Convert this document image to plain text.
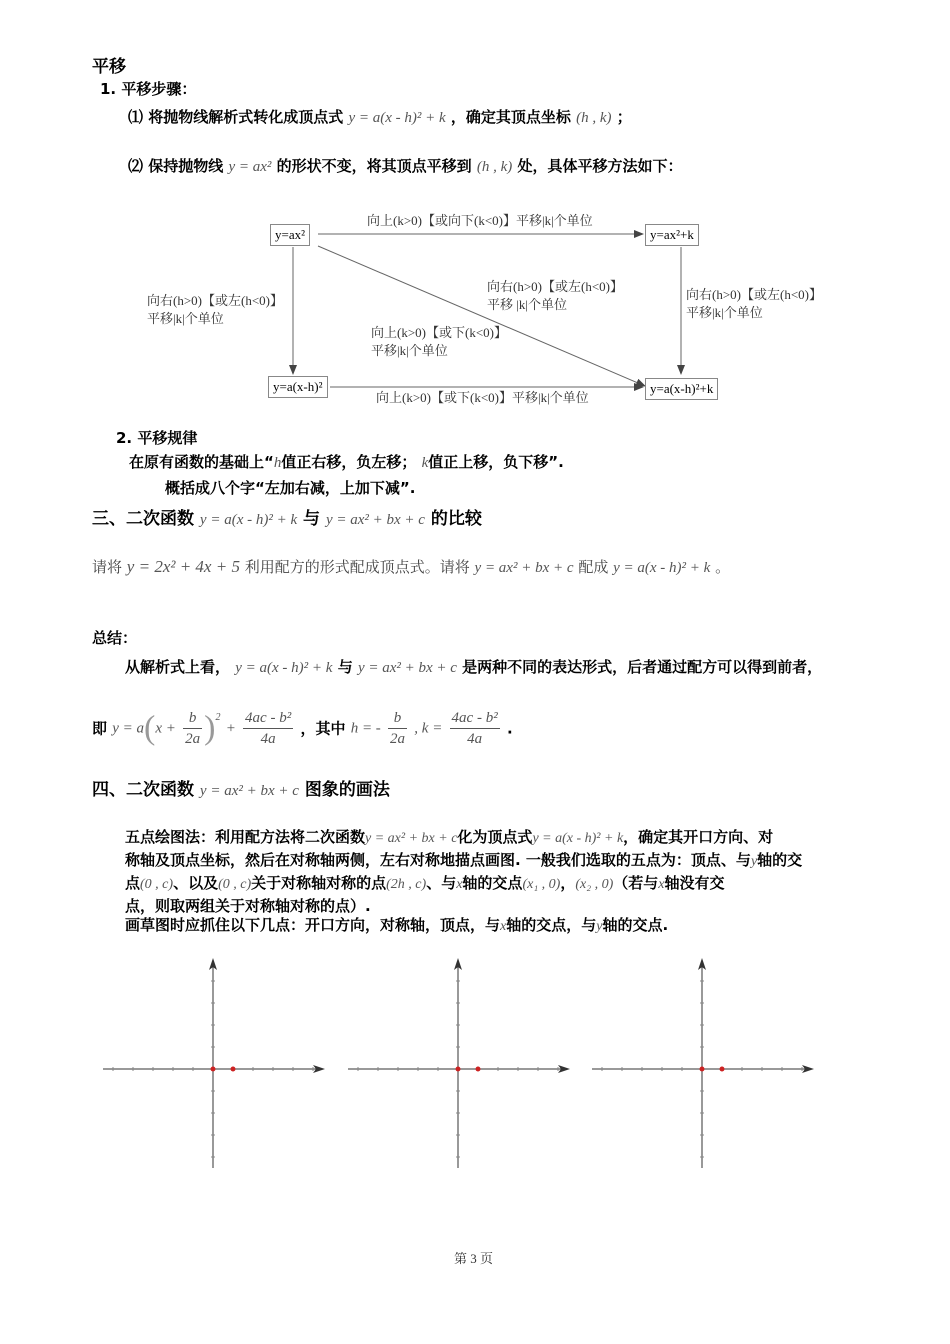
平移
1. 平移步骤：
⑴ 将抛物线解析式转化成顶点式 y = a(x - h)² + k ，确定其顶点坐标 (h , k) ；
⑵ 保持抛物线 y = ax² 的形状不变，将其顶点平移到 (h , k) 处，具体平移方法如下：
y=ax²	y=ax²+k
y=a(x-h)²	y=a(x-h)²+k
向上(k>0)【或向下(k<0)】平移|k|个单位
向右(h>0)【或左(h<0)】
平移|k|个单位
向右(h>0)【或左(h<0)】
平移 |k|个单位
向上(k>0)【或下(k<0)】
平移|k|个单位
向右(h>0)【或左(h<0)】
平移|k|个单位
向上(k>0)【或下(k<0)】平移|k|个单位
2. 平移规律
在原有函数的基础上“h值正右移，负左移； k值正上移，负下移”.
概括成八个字“左加右减，上加下减”.
三、二次函数 y = a(x - h)² + k 与 y = ax² + bx + c 的比较
请将 y = 2x² + 4x + 5 利用配方的形式配成顶点式。请将 y = ax² + bx + c 配成 y = a(x - h)² + k 。
总结：
从解析式上看， y = a(x - h)² + k 与 y = ax² + bx + c 是两种不同的表达形式，后者通过配方可以得到前者，
即 $y = a(x + \frac{b}{2a} )^2 + \frac{\text{4ac - b²}}{4a}$ ，其中 h = - $\frac{b}{2a}$ , $k = \frac{\text{4ac - b²}}{4a}$ .
四、二次函数 y = ax² + bx + c 图象的画法
五点绘图法：利用配方法将二次函数y = ax² + bx + c化为顶点式y = a(x - h)² + k，确定其开口方向、对
称轴及顶点坐标，然后在对称轴两侧，左右对称地描点画图. 一般我们选取的五点为：顶点、与y轴的交
点(0 , c)、以及(0 , c)关于对称轴对称的点(2h , c)、与x轴的交点(x₁ , 0)，(x₂ , 0)（若与x轴没有交
点，则取两组关于对称轴对称的点）.
画草图时应抓住以下几点：开口方向，对称轴，顶点，与x轴的交点，与y轴的交点.
第 3 页
